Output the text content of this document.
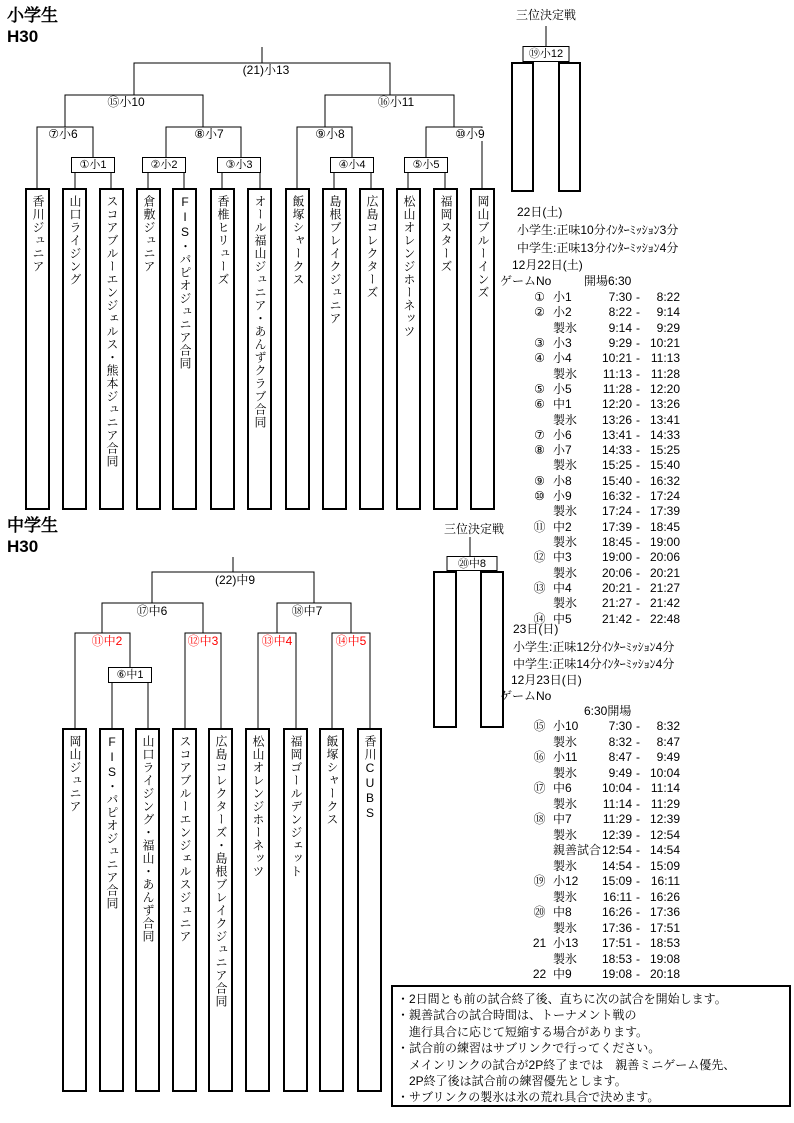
小学生
H30
中学生
H30
香川ジュニア	山口ライジング	スコアブルーエンジェルス・熊本ジュニア合同	倉敷ジュニア	FIS・パピオジュニア合同	香椎ヒリューズ	オール福山ジュニア・あんずクラブ合同	飯塚シャークス	島根ブレイクジュニア	広島コレクターズ	松山オレンジホーネッツ	福岡スターズ	岡山ブルーインズ
①小1	②小2	③小3	④小4	⑤小5
⑦小6	⑧小7	⑨小8	⑩小9
⑮小10	⑯小11
(21)小13
三位決定戦
⑲小12
岡山ジュニア	FIS・パピオジュニア合同	山口ライジング・福山・あんず合同	スコアブルーエンジェルスジュニア	広島コレクターズ・島根ブレイクジュニア合同	松山オレンジホーネッツ	福岡ゴールデンジェット	飯塚シャークス	香川CUBS
⑥中1
⑪中2	⑫中3	⑬中4	⑭中5
⑰中6	⑱中7
(22)中9
三位決定戦
⑳中8
22日(土)
小学生:正味10分ｲﾝﾀｰﾐｯｼｮﾝ3分
中学生:正味13分ｲﾝﾀｰﾐｯｼｮﾝ4分
12月22日(土)
ゲームNo	開場6:30
① 小1	7:30 -	8:22
② 小2	8:22 -	9:14
製氷	9:14 -	9:29
③ 小3	9:29 - 10:21
④ 小4	10:21 - 11:13
製氷	11:13 - 11:28
⑤ 小5	11:28 - 12:20
⑥ 中1	12:20 - 13:26
製氷	13:26 - 13:41
⑦ 小6	13:41 - 14:33
⑧ 小7	14:33 - 15:25
製氷	15:25 - 15:40
⑨ 小8	15:40 - 16:32
⑩ 小9	16:32 - 17:24
製氷	17:24 - 17:39
⑪ 中2	17:39 - 18:45
製氷	18:45 - 19:00
⑫ 中3	19:00 - 20:06
製氷	20:06 - 20:21
⑬ 中4	20:21 - 21:27
製氷	21:27 - 21:42
⑭ 中5	21:42 - 22:48
23日(日)
小学生:正味12分ｲﾝﾀｰﾐｯｼｮﾝ4分
中学生:正味14分ｲﾝﾀｰﾐｯｼｮﾝ4分
12月23日(日)
ゲームNo
6:30開場
⑮ 小10	7:30 -	8:32
製氷	8:32 -	8:47
⑯ 小11	8:47 -	9:49
製氷	9:49 - 10:04
⑰ 中6	10:04 - 11:14
製氷	11:14 - 11:29
⑱ 中7	11:29 - 12:39
製氷	12:39 - 12:54
親善試合 12:54 - 14:54
製氷	14:54 - 15:09
⑲ 小12	15:09 - 16:11
製氷	16:11 - 16:26
⑳ 中8	16:26 - 17:36
製氷	17:36 - 17:51
21 小13	17:51 - 18:53
製氷	18:53 - 19:08
22 中9	19:08 - 20:18
・2日間とも前の試合終了後、直ちに次の試合を開始します。
・親善試合の試合時間は、トーナメント戦の
　進行具合に応じて短縮する場合があります。
・試合前の練習はサブリンクで行ってください。
　メインリンクの試合が2P終了までは　親善ミニゲーム優先、
　2P終了後は試合前の練習優先とします。
・サブリンクの製氷は氷の荒れ具合で決めます。
